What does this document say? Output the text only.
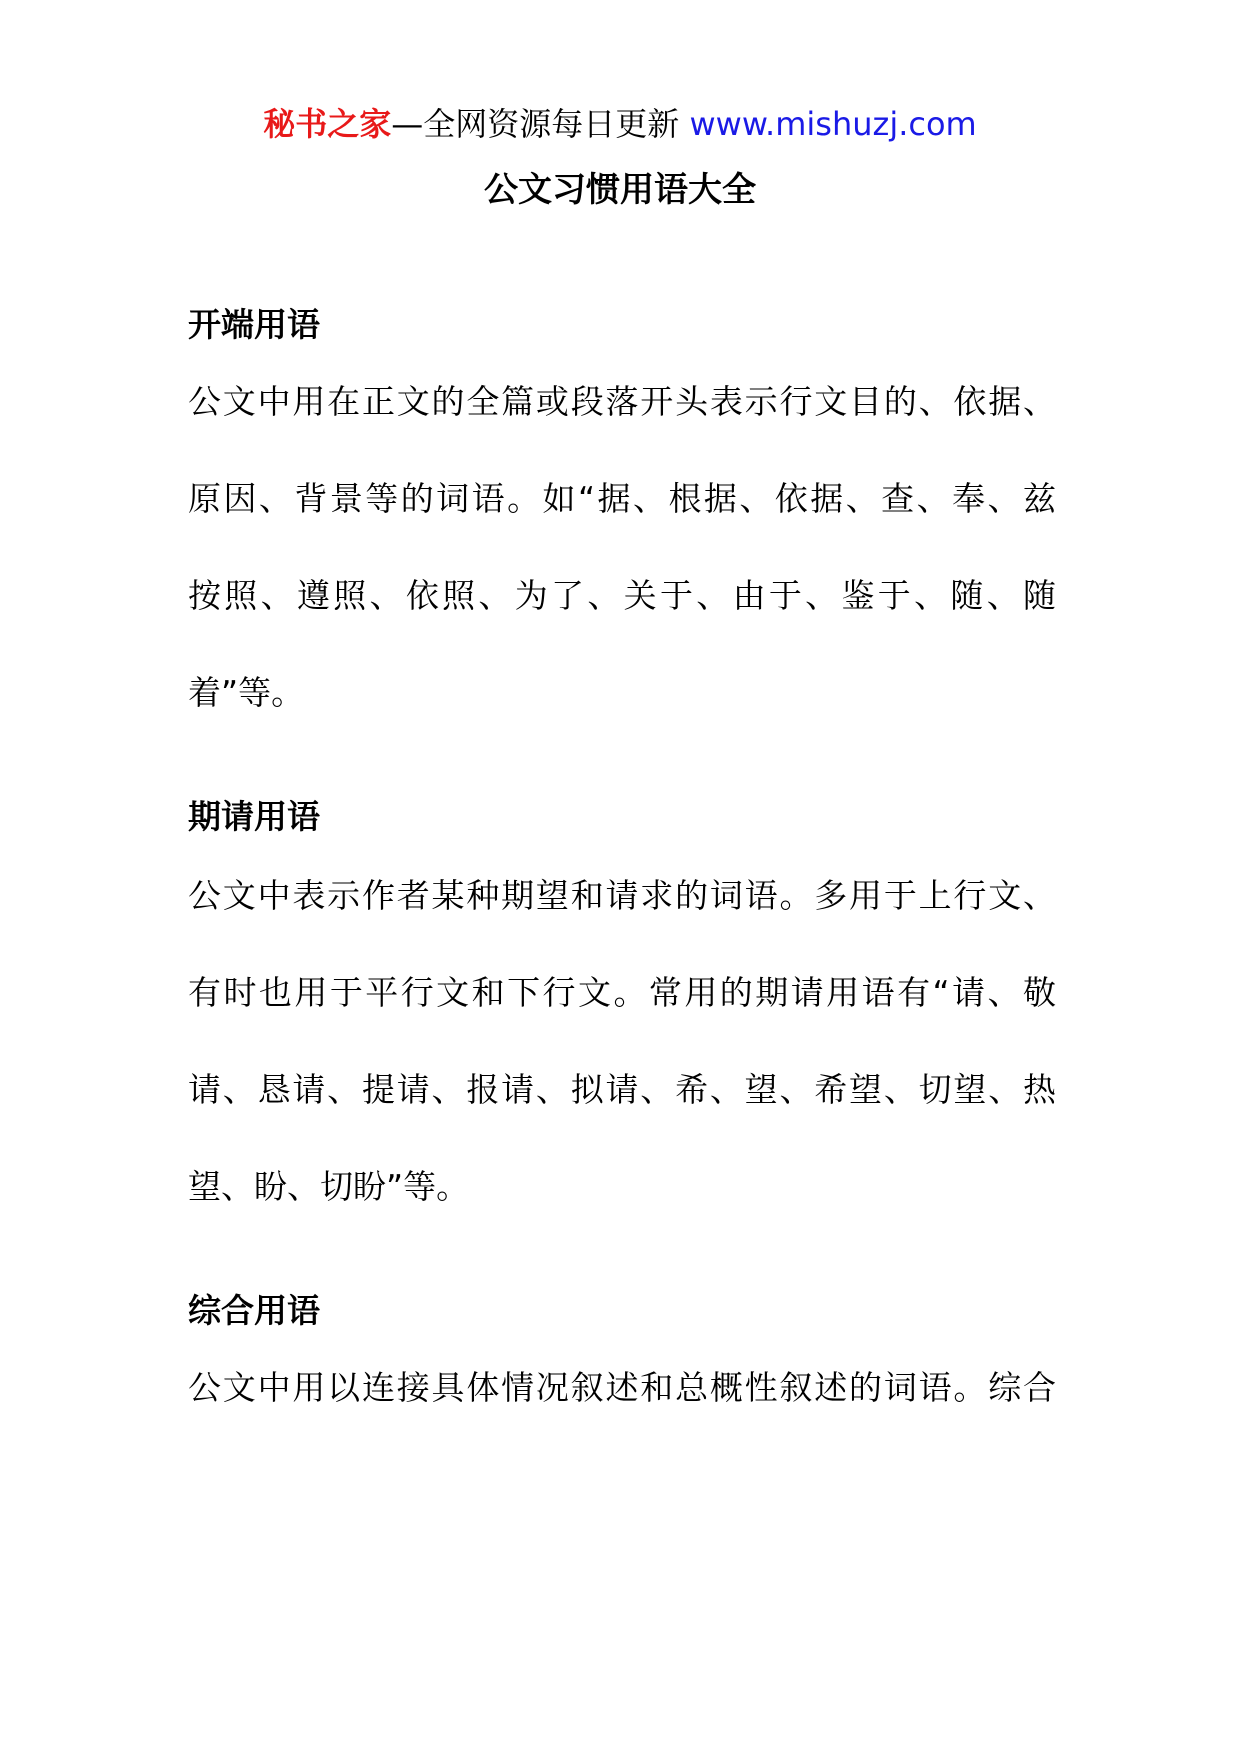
秘书之家—全网资源每日更新 www.mishuzj.com
公文习惯用语大全
开端用语
公文中用在正文的全篇或段落开头表示行文目的、依据、
原因、背景等的词语。如“据、根据、依据、查、奉、兹
按照、遵照、依照、为了、关于、由于、鉴于、随、随
着”等。
期请用语
公文中表示作者某种期望和请求的词语。多用于上行文、
有时也用于平行文和下行文。常用的期请用语有“请、敬
请、恳请、提请、报请、拟请、希、望、希望、切望、热
望、盼、切盼”等。
综合用语
公文中用以连接具体情况叙述和总概性叙述的词语。综合
